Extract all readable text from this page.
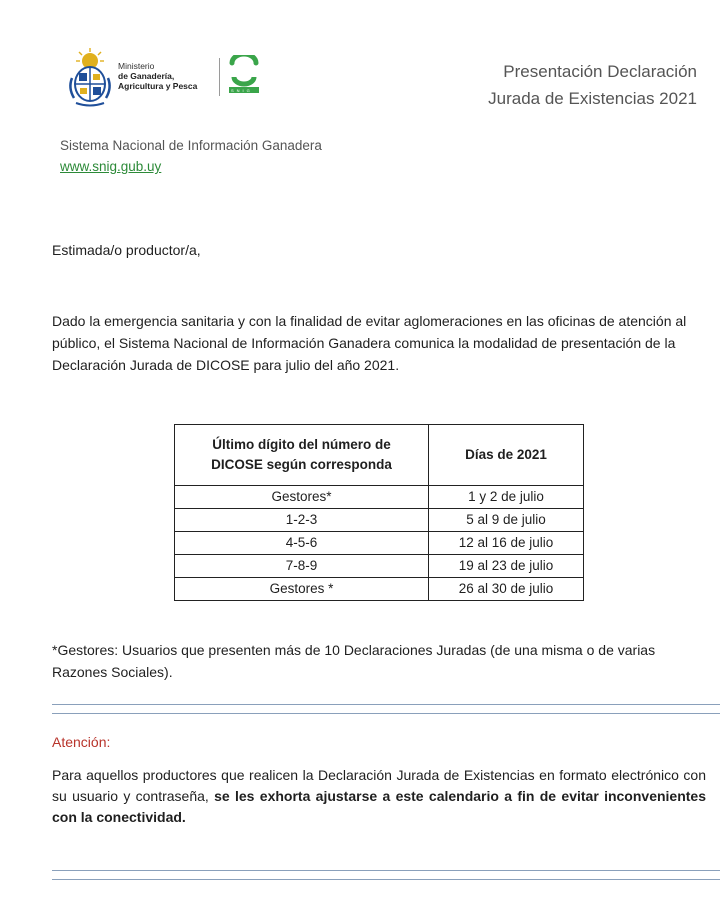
Ministerio
de Ganadería,
Agricultura y Pesca	SNIG
Presentación Declaración
Jurada de Existencias 2021
Sistema Nacional de Información Ganadera
www.snig.gub.uy
Estimada/o productor/a,
Dado la emergencia sanitaria y con la finalidad de evitar aglomeraciones en las oficinas de atención al público, el Sistema Nacional de Información Ganadera comunica la modalidad de presentación de la Declaración Jurada de DICOSE para julio del año 2021.
Último dígito del número de DICOSE según corresponda	Días de 2021
Gestores*	1 y 2 de julio
1-2-3	5 al 9 de julio
4-5-6	12 al 16 de julio
7-8-9	19 al 23 de julio
Gestores *	26 al 30 de julio
*Gestores: Usuarios que presenten más de 10 Declaraciones Juradas (de una misma o de varias Razones Sociales).
Atención:
Para aquellos productores que realicen la Declaración Jurada de Existencias en formato electrónico con su usuario y contraseña, se les exhorta ajustarse a este calendario a fin de evitar inconvenientes con la conectividad.
